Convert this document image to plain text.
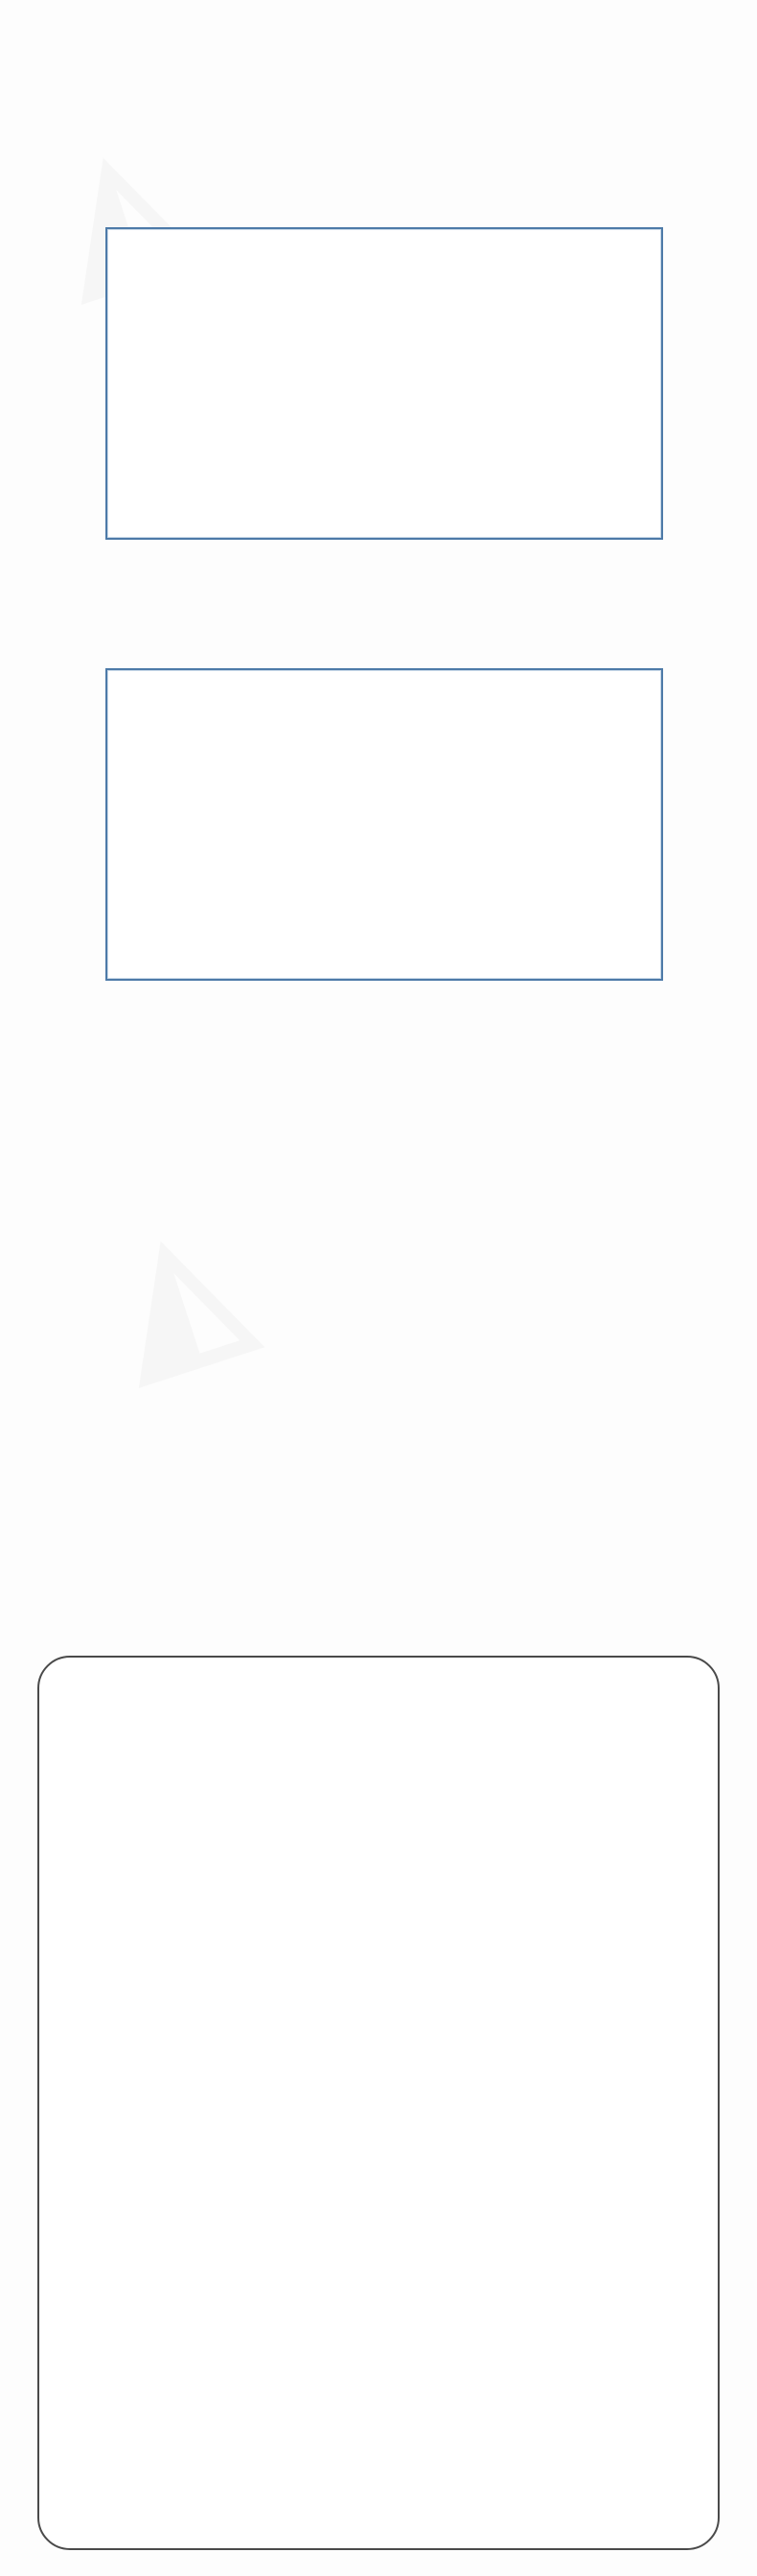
◭
◭
